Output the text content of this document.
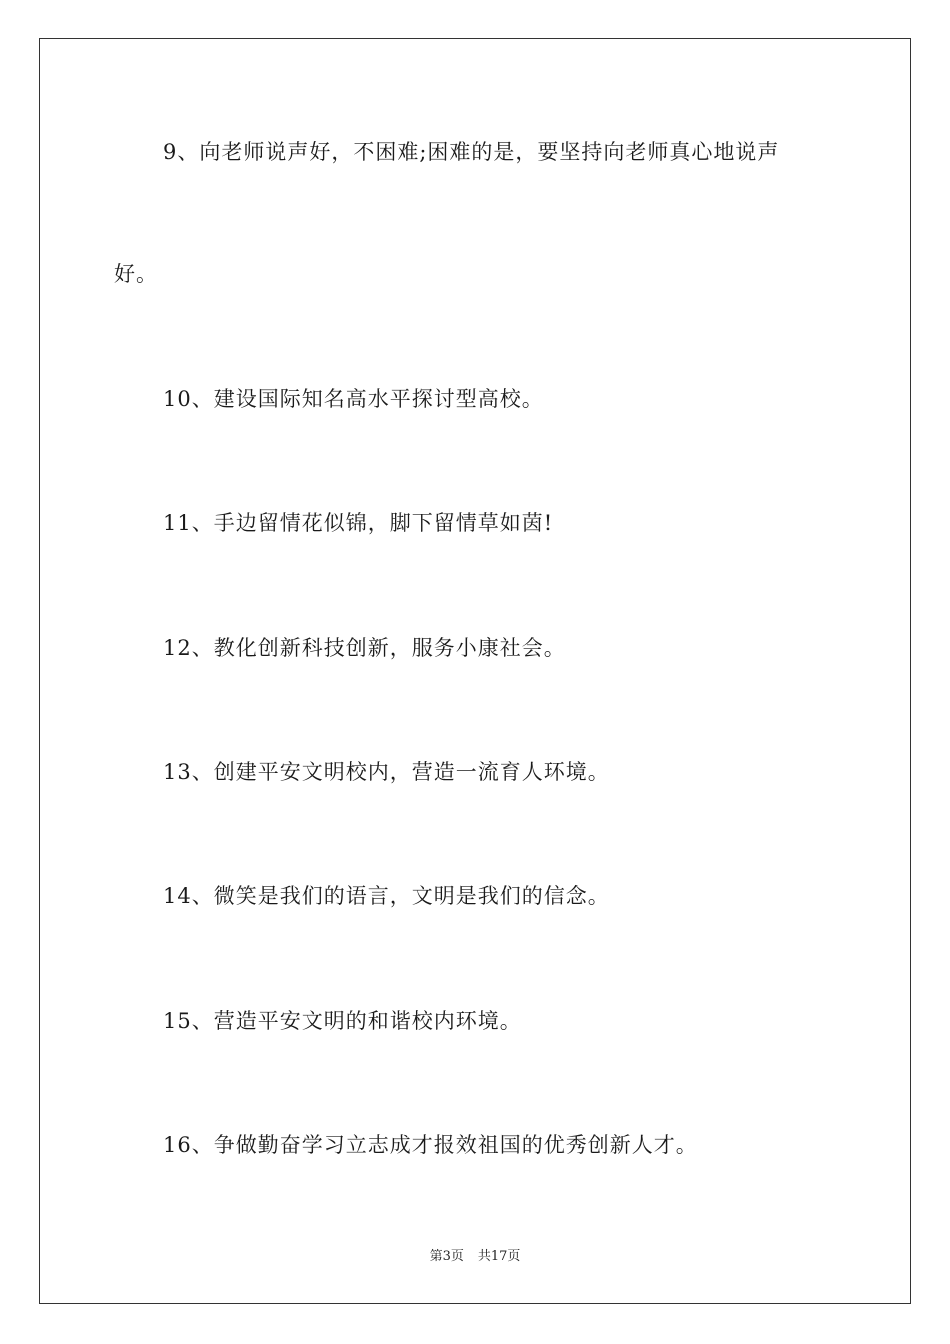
9、向老师说声好，不困难;困难的是，要坚持向老师真心地说声
好。
10、建设国际知名高水平探讨型高校。
11、手边留情花似锦，脚下留情草如茵!
12、教化创新科技创新，服务小康社会。
13、创建平安文明校内，营造一流育人环境。
14、微笑是我们的语言，文明是我们的信念。
15、营造平安文明的和谐校内环境。
16、争做勤奋学习立志成才报效祖国的优秀创新人才。
第3页 共17页
